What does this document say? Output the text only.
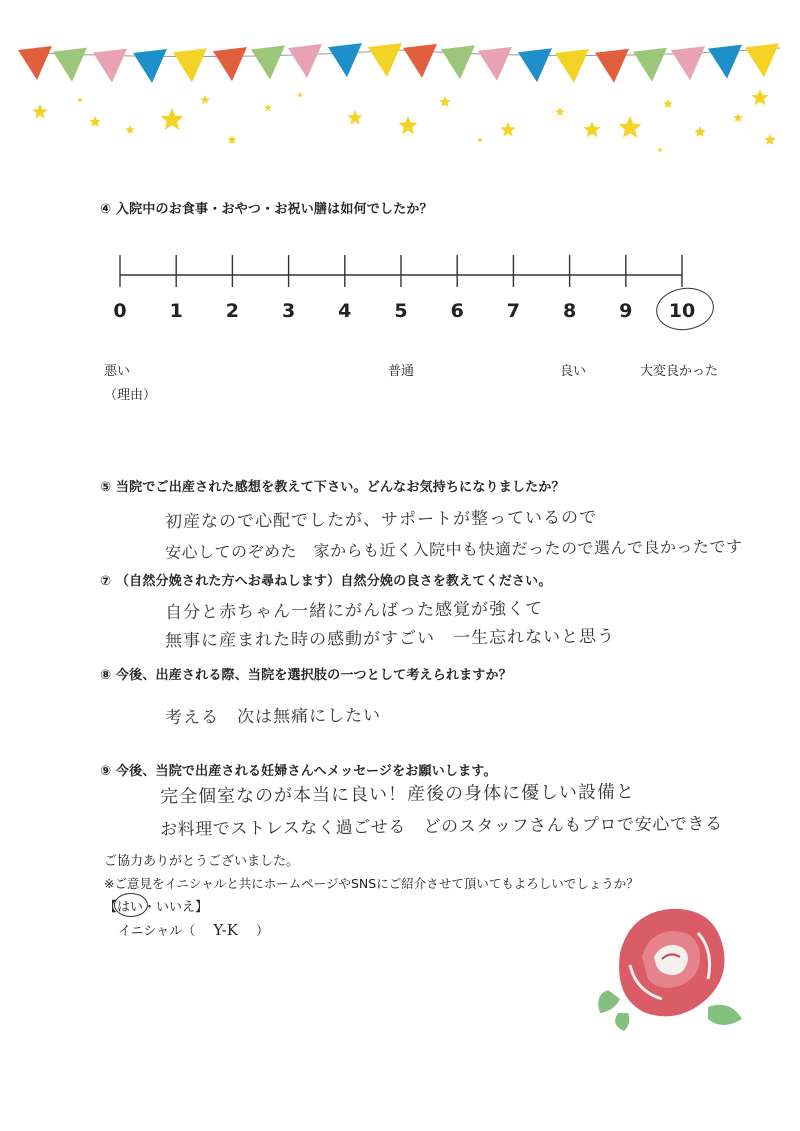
④ 入院中のお食事・おやつ・お祝い膳は如何でしたか？
0	1	2	3	4	5	6	7	8	9	10
悪い	普通	良い	大変良かった
（理由）
⑤ 当院でご出産された感想を教えて下さい。どんなお気持ちになりましたか？
初産なので心配でしたが、サポートが整っているので
安心してのぞめた　家からも近く入院中も快適だったので選んで良かったです
⑦ （自然分娩された方へお尋ねします）自然分娩の良さを教えてください。
自分と赤ちゃん一緒にがんばった感覚が強くて
無事に産まれた時の感動がすごい　一生忘れないと思う
⑧ 今後、出産される際、当院を選択肢の一つとして考えられますか？
考える　次は無痛にしたい
⑨ 今後、当院で出産される妊婦さんへメッセージをお願いします。
完全個室なのが本当に良い！産後の身体に優しい設備と
お料理でストレスなく過ごせる　どのスタッフさんもプロで安心できる
ご協力ありがとうございました。
※ご意見をイニシャルと共にホームページやSNSにご紹介させて頂いてもよろしいでしょうか？
【はい・いいえ】
イニシャル（ Y-K ）
